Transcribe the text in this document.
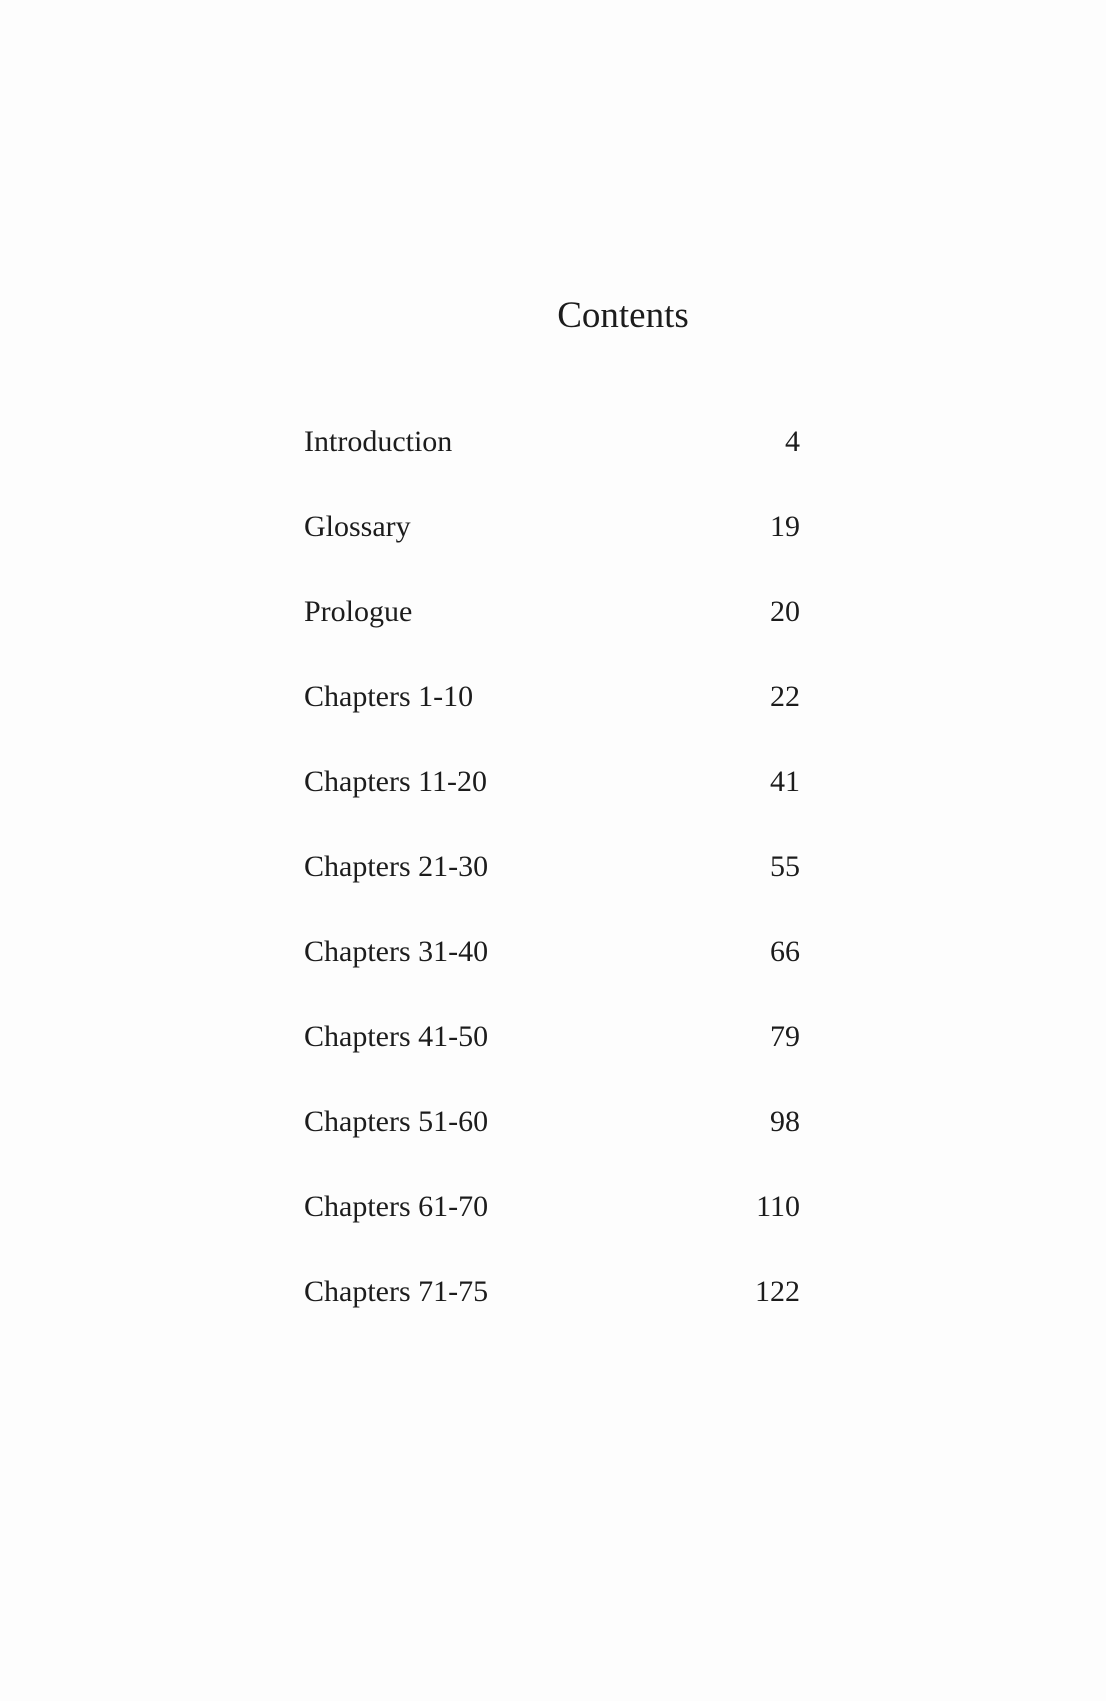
Contents
Introduction	4
Glossary	19
Prologue	20
Chapters 1-10	22
Chapters 11-20	41
Chapters 21-30	55
Chapters 31-40	66
Chapters 41-50	79
Chapters 51-60	98
Chapters 61-70	110
Chapters 71-75	122
